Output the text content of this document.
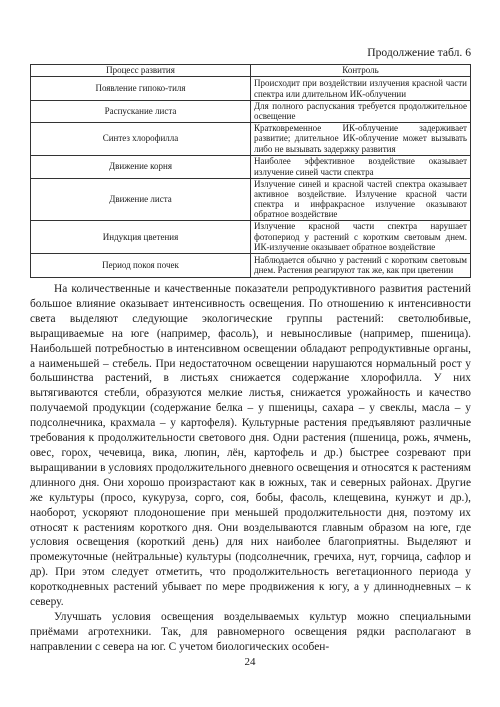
Продолжение табл. 6
Процесс развития	Контроль
Появление гипоко-тиля	Происходит при воздействии излучения красной части спектра или длительном ИК-облучении
Распускание листа	Для полного распускания требуется продолжительное освещение
Синтез хлорофилла	Кратковременное ИК-облучение задерживает развитие; длительное ИК-облучение может вызывать либо не вызывать задержку развития
Движение корня	Наиболее эффективное воздействие оказывает излучение синей части спектра
Движение листа	Излучение синей и красной частей спектра оказывает активное воздействие. Излучение красной части спектра и инфракрасное излучение оказывают обратное воздействие
Индукция цветения	Излучение красной части спектра нарушает фотопериод у растений с коротким световым днем. ИК-излучение оказывает обратное воздействие
Период покоя почек	Наблюдается обычно у растений с коротким световым днем. Растения реагируют так же, как при цветении

На количественные и качественные показатели репродуктивного развития растений большое влияние оказывает интенсивность освещения. По отношению к интенсивности света выделяют следующие экологические группы растений: светолюбивые, выращиваемые на юге (например, фасоль), и невыносливые (например, пшеница). Наибольшей потребностью в интенсивном освещении обладают репродуктивные органы, а наименьшей – стебель. При недостаточном освещении нарушаются нормальный рост у большинства растений, в листьях снижается содержание хлорофилла. У них вытягиваются стебли, образуются мелкие листья, снижается урожайность и качество получаемой продукции (содержание белка – у пшеницы, сахара – у свеклы, масла – у подсолнечника, крахмала – у картофеля). Культурные растения предъявляют различные требования к продолжительности светового дня. Одни растения (пшеница, рожь, ячмень, овес, горох, чечевица, вика, люпин, лён, картофель и др.) быстрее созревают при выращивании в условиях продолжительного дневного освещения и относятся к растениям длинного дня. Они хорошо произрастают как в южных, так и северных районах. Другие же культуры (просо, кукуруза, сорго, соя, бобы, фасоль, клещевина, кунжут и др.), наоборот, ускоряют плодоношение при меньшей продолжительности дня, поэтому их относят к растениям короткого дня. Они возделываются главным образом на юге, где условия освещения (короткий день) для них наиболее благоприятны. Выделяют и промежуточные (нейтральные) культуры (подсолнечник, гречиха, нут, горчица, сафлор и др). При этом следует отметить, что продолжительность вегетационного периода у короткодневных растений убывает по мере продвижения к югу, а у длиннодневных – к северу.

Улучшать условия освещения возделываемых культур можно специальными приёмами агротехники. Так, для равномерного освещения рядки располагают в направлении с севера на юг. С учетом биологических особен-

24
